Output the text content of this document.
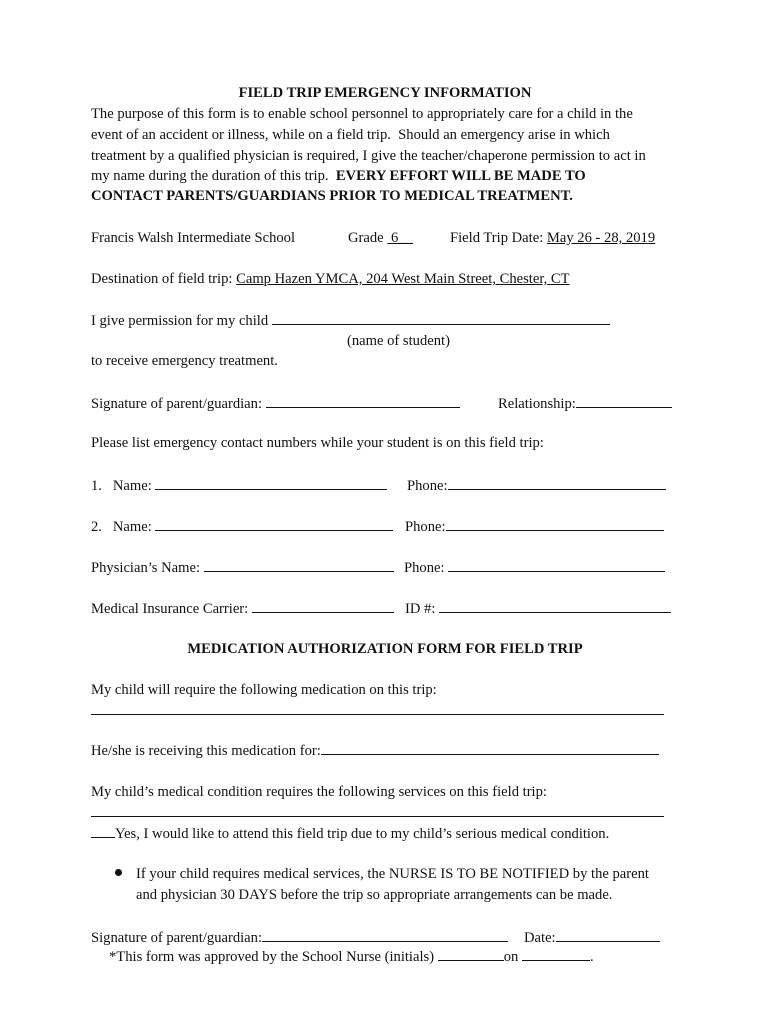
FIELD TRIP EMERGENCY INFORMATION
The purpose of this form is to enable school personnel to appropriately care for a child in the
event of an accident or illness, while on a field trip.  Should an emergency arise in which
treatment by a qualified physician is required, I give the teacher/chaperone permission to act in
my name during the duration of this trip. EVERY EFFORT WILL BE MADE TO
CONTACT PARENTS/GUARDIANS PRIOR TO MEDICAL TREATMENT.
Francis Walsh Intermediate School	Grade 6__	Field Trip Date: May 26 - 28, 2019
Destination of field trip: Camp Hazen YMCA, 204 West Main Street, Chester, CT
I give permission for my child
(name of student)
to receive emergency treatment.
Signature of parent/guardian:	Relationship:
Please list emergency contact numbers while your student is on this field trip:
1.   Name:	Phone:
2.   Name:	Phone:
Physician’s Name:	Phone:
Medical Insurance Carrier:	ID #:
MEDICATION AUTHORIZATION FORM FOR FIELD TRIP
My child will require the following medication on this trip:
He/she is receiving this medication for:
My child’s medical condition requires the following services on this field trip:
Yes, I would like to attend this field trip due to my child’s serious medical condition.
If your child requires medical services, the NURSE IS TO BE NOTIFIED by the parent
and physician 30 DAYS before the trip so appropriate arrangements can be made.
Signature of parent/guardian:	Date:
*This form was approved by the School Nurse (initials)	on	.
